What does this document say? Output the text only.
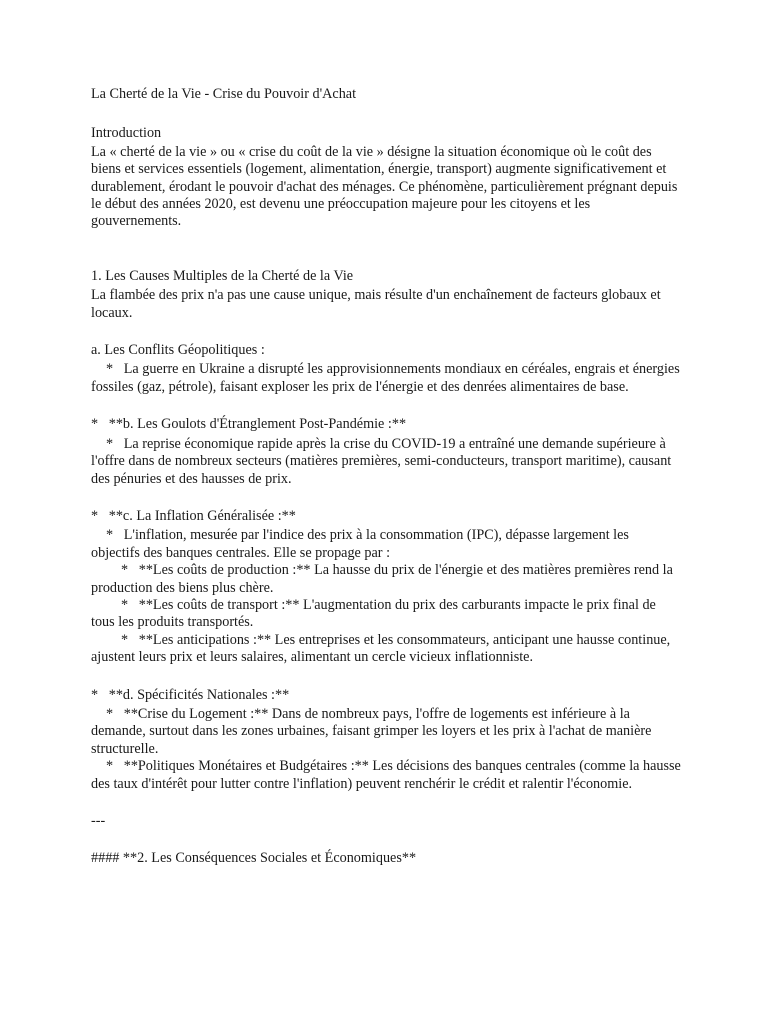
La Cherté de la Vie - Crise du Pouvoir d'Achat
Introduction
La « cherté de la vie » ou « crise du coût de la vie » désigne la situation économique où le coût des biens et services essentiels (logement, alimentation, énergie, transport) augmente significativement et durablement, érodant le pouvoir d'achat des ménages. Ce phénomène, particulièrement prégnant depuis le début des années 2020, est devenu une préoccupation majeure pour les citoyens et les gouvernements.
1. Les Causes Multiples de la Cherté de la Vie
La flambée des prix n'a pas une cause unique, mais résulte d'un enchaînement de facteurs globaux et locaux.
a. Les Conflits Géopolitiques :
*   La guerre en Ukraine a disrupté les approvisionnements mondiaux en céréales, engrais et énergies fossiles (gaz, pétrole), faisant exploser les prix de l'énergie et des denrées alimentaires de base.
*   **b. Les Goulots d'Étranglement Post-Pandémie :**
*   La reprise économique rapide après la crise du COVID-19 a entraîné une demande supérieure à l'offre dans de nombreux secteurs (matières premières, semi-conducteurs, transport maritime), causant des pénuries et des hausses de prix.
*   **c. La Inflation Généralisée :**
*   L'inflation, mesurée par l'indice des prix à la consommation (IPC), dépasse largement les objectifs des banques centrales. Elle se propage par :
*   **Les coûts de production :** La hausse du prix de l'énergie et des matières premières rend la production des biens plus chère.
*   **Les coûts de transport :** L'augmentation du prix des carburants impacte le prix final de tous les produits transportés.
*   **Les anticipations :** Les entreprises et les consommateurs, anticipant une hausse continue, ajustent leurs prix et leurs salaires, alimentant un cercle vicieux inflationniste.
*   **d. Spécificités Nationales :**
*   **Crise du Logement :** Dans de nombreux pays, l'offre de logements est inférieure à la demande, surtout dans les zones urbaines, faisant grimper les loyers et les prix à l'achat de manière structurelle.
*   **Politiques Monétaires et Budgétaires :** Les décisions des banques centrales (comme la hausse des taux d'intérêt pour lutter contre l'inflation) peuvent renchérir le crédit et ralentir l'économie.
---
#### **2. Les Conséquences Sociales et Économiques**
